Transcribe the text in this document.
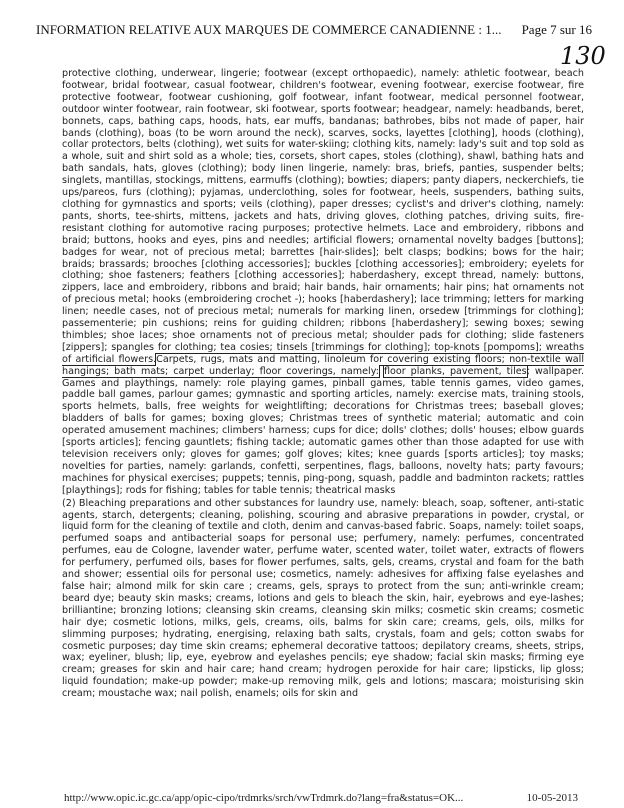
INFORMATION RELATIVE AUX MARQUES DE COMMERCE CANADIENNE : 1... Page 7 sur 16
130

protective clothing, underwear, lingerie; footwear (except orthopaedic), namely: athletic footwear, beach footwear, bridal footwear, casual footwear, children's footwear, evening footwear, exercise footwear, fire protective footwear, footwear cushioning, golf footwear, infant footwear, medical personnel footwear, outdoor winter footwear, rain footwear, ski footwear, sports footwear; headgear, namely: headbands, beret, bonnets, caps, bathing caps, hoods, hats, ear muffs, bandanas; bathrobes, bibs not made of paper, hair bands (clothing), boas (to be worn around the neck), scarves, socks, layettes [clothing], hoods (clothing), collar protectors, belts (clothing), wet suits for water-skiing; clothing kits, namely: lady's suit and top sold as a whole, suit and shirt sold as a whole; ties, corsets, short capes, stoles (clothing), shawl, bathing hats and bath sandals, hats, gloves (clothing); body linen lingerie, namely: bras, briefs, panties, suspender belts; singlets, mantillas, stockings, mittens, earmuffs (clothing); bowties; diapers; panty diapers, neckerchiefs, tie ups/pareos, furs (clothing); pyjamas, underclothing, soles for footwear, heels, suspenders, bathing suits, clothing for gymnastics and sports; veils (clothing), paper dresses; cyclist's and driver's clothing, namely: pants, shorts, tee-shirts, mittens, jackets and hats, driving gloves, clothing patches, driving suits, fire-resistant clothing for automotive racing purposes; protective helmets. Lace and embroidery, ribbons and braid; buttons, hooks and eyes, pins and needles; artificial flowers; ornamental novelty badges [buttons]; badges for wear, not of precious metal; barrettes [hair-slides]; belt clasps; bodkins; bows for the hair; braids; brassards; brooches [clothing accessories]; buckles [clothing accessories]; embroidery; eyelets for clothing; shoe fasteners; feathers [clothing accessories]; haberdashery, except thread, namely: buttons, zippers, lace and embroidery, ribbons and braid; hair bands, hair ornaments; hair pins; hat ornaments not of precious metal; hooks (embroidering crochet -); hooks [haberdashery]; lace trimming; letters for marking linen; needle cases, not of precious metal; numerals for marking linen, orsedew [trimmings for clothing]; passementerie; pin cushions; reins for guiding children; ribbons [haberdashery]; sewing boxes; sewing thimbles; shoe laces; shoe ornaments not of precious metal; shoulder pads for clothing; slide fasteners [zippers]; spangles for clothing; tea cosies; tinsels [trimmings for clothing]; top-knots [pompoms]; wreaths of artificial flowers.Carpets, rugs, mats and matting, linoleum for covering existing floors; non-textile wall hangings; bath mats; carpet underlay; floor coverings, namely: floor planks, pavement, tiles; wallpaper. Games and playthings, namely: role playing games, pinball games, table tennis games, video games, paddle ball games, parlour games; gymnastic and sporting articles, namely: exercise mats, training stools, sports helmets, balls, free weights for weightlifting; decorations for Christmas trees; baseball gloves; bladders of balls for games; boxing gloves; Christmas trees of synthetic material; automatic and coin operated amusement machines; climbers' harness; cups for dice; dolls' clothes; dolls' houses; elbow guards [sports articles]; fencing gauntlets; fishing tackle; automatic games other than those adapted for use with television receivers only; gloves for games; golf gloves; kites; knee guards [sports articles]; toy masks; novelties for parties, namely: garlands, confetti, serpentines, flags, balloons, novelty hats; party favours; machines for physical exercises; puppets; tennis, ping-pong, squash, paddle and badminton rackets; rattles [playthings]; rods for fishing; tables for table tennis; theatrical masks

(2) Bleaching preparations and other substances for laundry use, namely: bleach, soap, softener, anti-static agents, starch, detergents; cleaning, polishing, scouring and abrasive preparations in powder, crystal, or liquid form for the cleaning of textile and cloth, denim and canvas-based fabric. Soaps, namely: toilet soaps, perfumed soaps and antibacterial soaps for personal use; perfumery, namely: perfumes, concentrated perfumes, eau de Cologne, lavender water, perfume water, scented water, toilet water, extracts of flowers for perfumery, perfumed oils, bases for flower perfumes, salts, gels, creams, crystal and foam for the bath and shower; essential oils for personal use; cosmetics, namely: adhesives for affixing false eyelashes and false hair; almond milk for skin care ; creams, gels, sprays to protect from the sun; anti-wrinkle cream; beard dye; beauty skin masks; creams, lotions and gels to bleach the skin, hair, eyebrows and eye-lashes; brilliantine; bronzing lotions; cleansing skin creams, cleansing skin milks; cosmetic skin creams; cosmetic hair dye; cosmetic lotions, milks, gels, creams, oils, balms for skin care; creams, gels, oils, milks for slimming purposes; hydrating, energising, relaxing bath salts, crystals, foam and gels; cotton swabs for cosmetic purposes; day time skin creams; ephemeral decorative tattoos; depilatory creams, sheets, strips, wax; eyeliner, blush; lip, eye, eyebrow and eyelashes pencils; eye shadow; facial skin masks; firming eye cream; greases for skin and hair care; hand cream; hydrogen peroxide for hair care; lipsticks, lip gloss; liquid foundation; make-up powder; make-up removing milk, gels and lotions; mascara; moisturising skin cream; moustache wax; nail polish, enamels; oils for skin and

http://www.opic.ic.gc.ca/app/opic-cipo/trdmrks/srch/vwTrdmrk.do?lang=fra&status=OK...	10-05-2013
